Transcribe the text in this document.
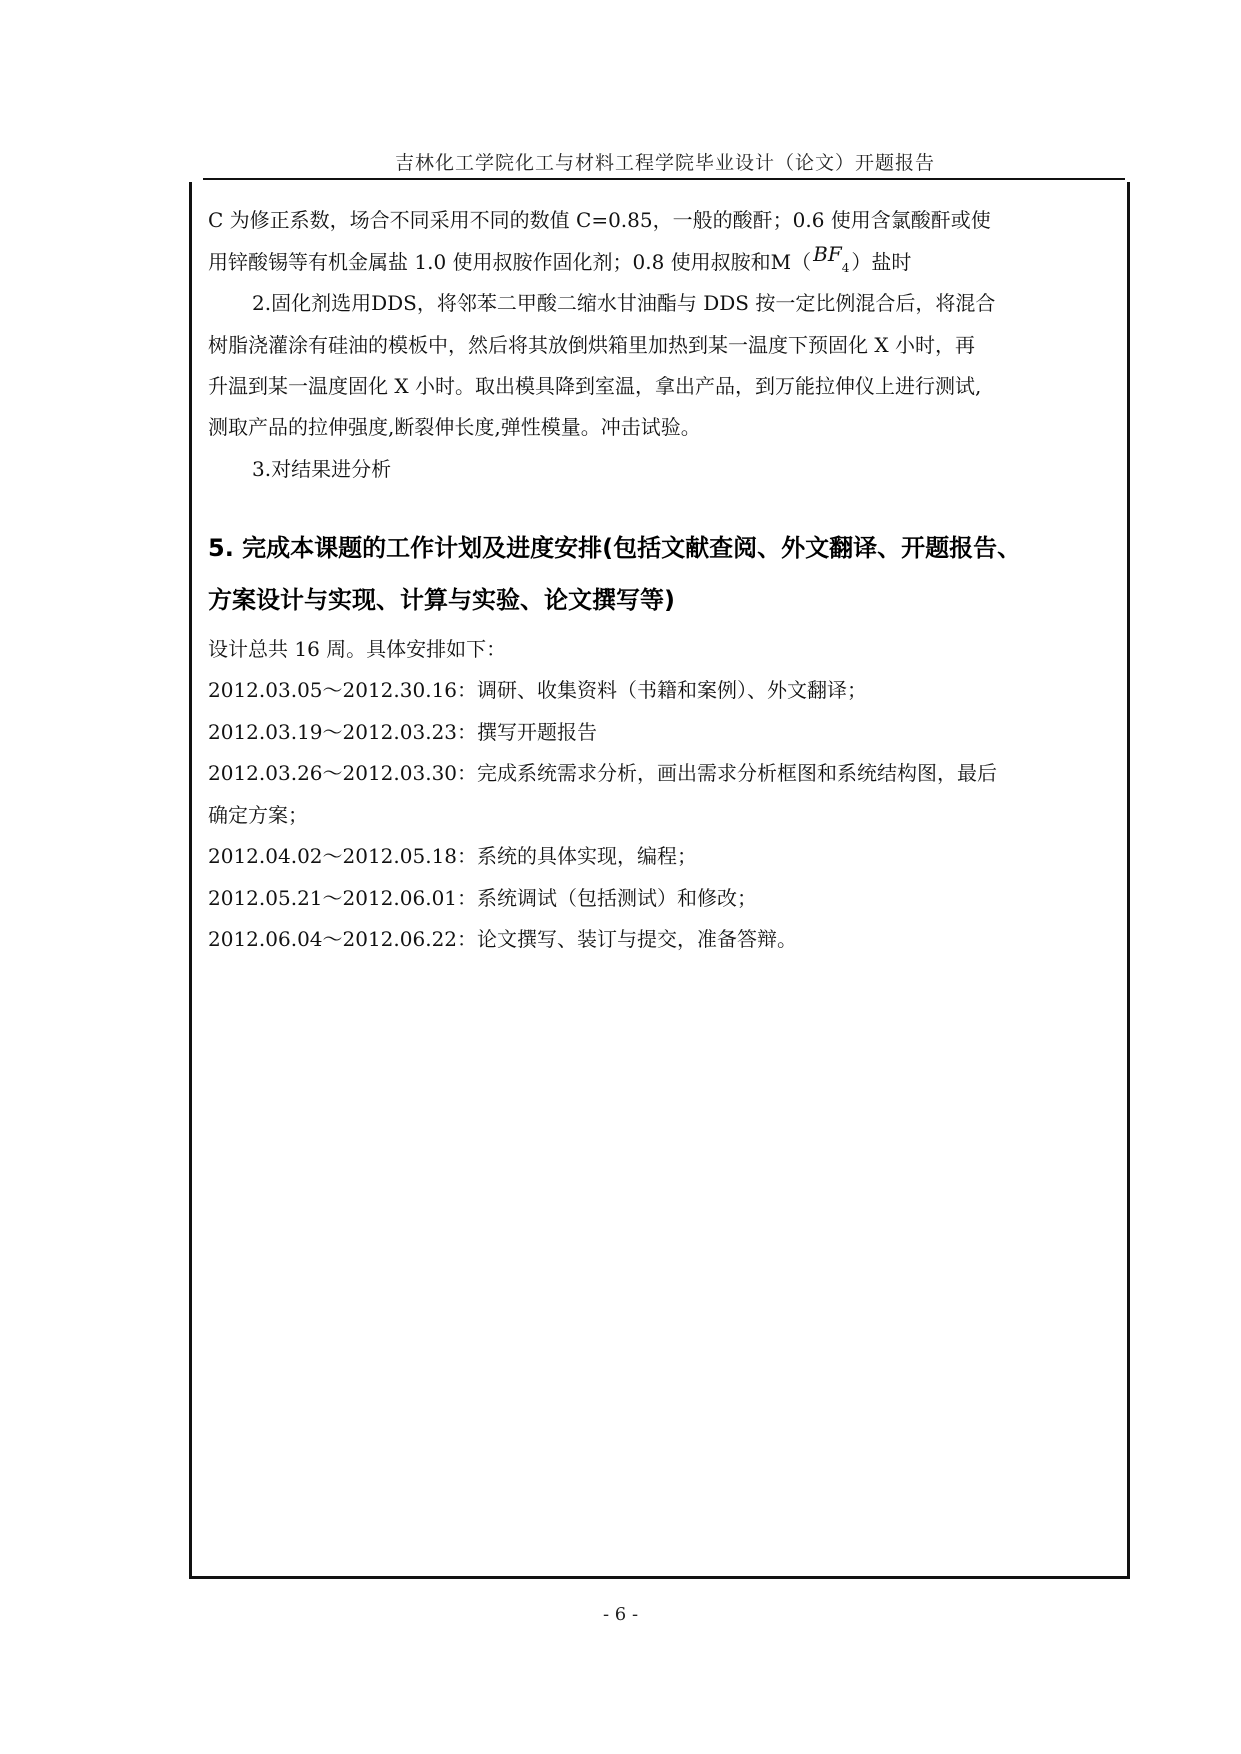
吉林化工学院化工与材料工程学院毕业设计（论文）开题报告
C 为修正系数，场合不同采用不同的数值 C=0.85，一般的酸酐；0.6 使用含氯酸酐或使
用锌酸锡等有机金属盐 1.0 使用叔胺作固化剂；0.8 使用叔胺和M（ $BF_4$ ）盐时
2.固化剂选用DDS，将邻苯二甲酸二缩水甘油酯与 DDS 按一定比例混合后，将混合
树脂浇灌涂有硅油的模板中，然后将其放倒烘箱里加热到某一温度下预固化 X 小时，再
升温到某一温度固化 X 小时。取出模具降到室温，拿出产品，到万能拉伸仪上进行测试,
测取产品的拉伸强度,断裂伸长度,弹性模量。冲击试验。
3.对结果进分析
5. 完成本课题的工作计划及进度安排(包括文献查阅、外文翻译、开题报告、
方案设计与实现、计算与实验、论文撰写等)
设计总共 16 周。具体安排如下：
2012.03.05～2012.30.16：调研、收集资料（书籍和案例）、外文翻译；
2012.03.19～2012.03.23：撰写开题报告
2012.03.26～2012.03.30：完成系统需求分析，画出需求分析框图和系统结构图，最后
确定方案；
2012.04.02～2012.05.18：系统的具体实现，编程；
2012.05.21～2012.06.01：系统调试（包括测试）和修改；
2012.06.04～2012.06.22：论文撰写、装订与提交，准备答辩。
- 6 -
